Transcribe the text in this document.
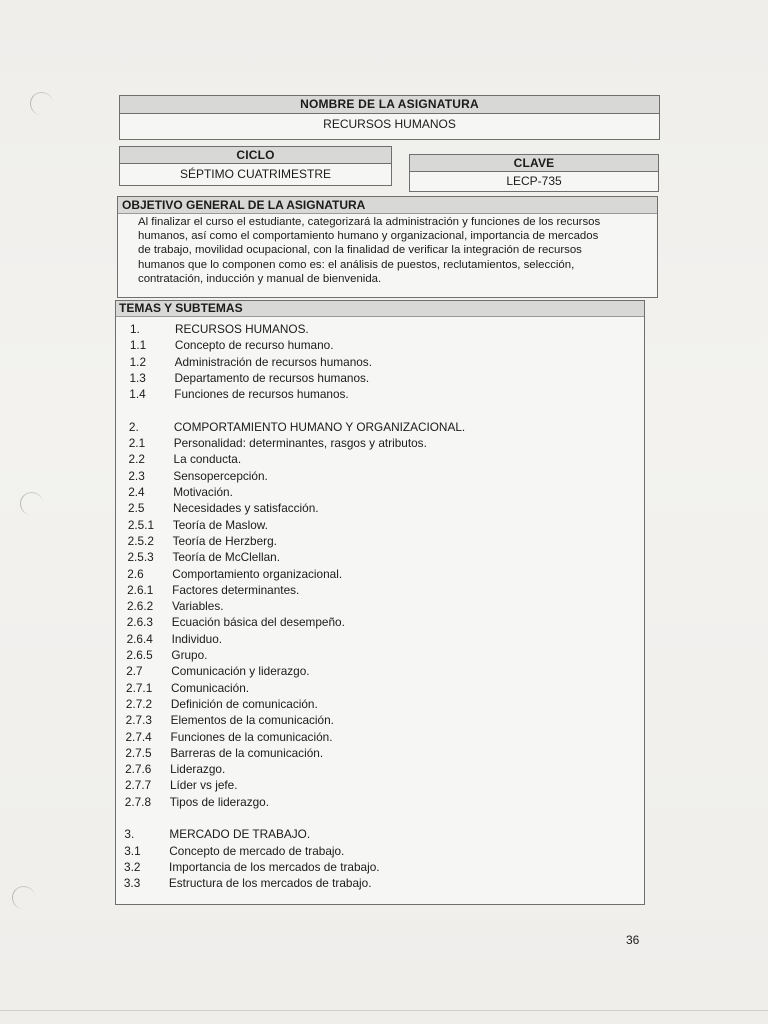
NOMBRE DE LA ASIGNATURA
RECURSOS HUMANOS
CICLO
SÉPTIMO CUATRIMESTRE
CLAVE
LECP-735
OBJETIVO GENERAL DE LA ASIGNATURA
Al finalizar el curso el estudiante, categorizará la administración y funciones de los recursos
humanos, así como el comportamiento humano y organizacional, importancia de mercados
de trabajo, movilidad ocupacional, con la finalidad de verificar la integración de recursos
humanos que lo componen como es: el análisis de puestos, reclutamientos, selección,
contratación, inducción y manual de bienvenida.
TEMAS Y SUBTEMAS
1.	RECURSOS HUMANOS.
1.1	Concepto de recurso humano.
1.2	Administración de recursos humanos.
1.3	Departamento de recursos humanos.
1.4	Funciones de recursos humanos.
2.	COMPORTAMIENTO HUMANO Y ORGANIZACIONAL.
2.1	Personalidad: determinantes, rasgos y atributos.
2.2	La conducta.
2.3	Sensopercepción.
2.4	Motivación.
2.5	Necesidades y satisfacción.
2.5.1	Teoría de Maslow.
2.5.2	Teoría de Herzberg.
2.5.3	Teoría de McClellan.
2.6	Comportamiento organizacional.
2.6.1	Factores determinantes.
2.6.2	Variables.
2.6.3	Ecuación básica del desempeño.
2.6.4	Individuo.
2.6.5	Grupo.
2.7	Comunicación y liderazgo.
2.7.1	Comunicación.
2.7.2	Definición de comunicación.
2.7.3	Elementos de la comunicación.
2.7.4	Funciones de la comunicación.
2.7.5	Barreras de la comunicación.
2.7.6	Liderazgo.
2.7.7	Líder vs jefe.
2.7.8	Tipos de liderazgo.
3.	MERCADO DE TRABAJO.
3.1	Concepto de mercado de trabajo.
3.2	Importancia de los mercados de trabajo.
3.3	Estructura de los mercados de trabajo.
36
